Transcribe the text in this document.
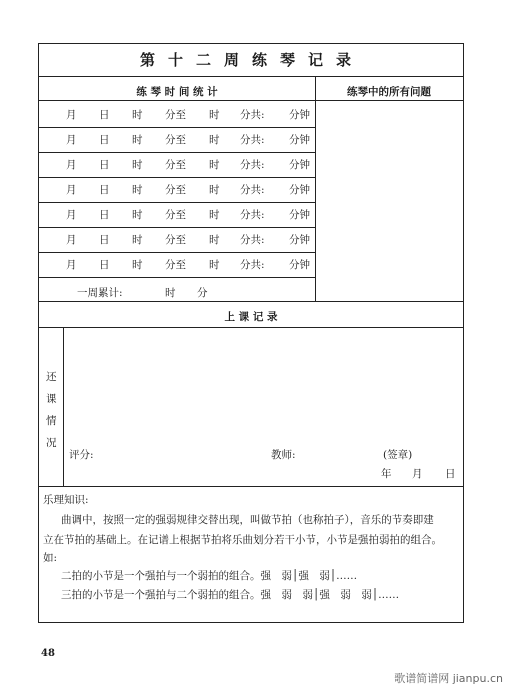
第十二周练琴记录
练 琴 时 间 统 计	练琴中的所有问题
月 日 时 分至 时 分共: 分钟
月 日 时 分至 时 分共: 分钟
月 日 时 分至 时 分共: 分钟
月 日 时 分至 时 分共: 分钟
月 日 时 分至 时 分共: 分钟
月 日 时 分至 时 分共: 分钟
月 日 时 分至 时 分共: 分钟
一周累计:	时 分
上 课 记 录
还
课
情
况
评分:	教师:	(签章)
年 月 日
乐理知识:
曲调中，按照一定的强弱规律交替出现，叫做节拍（也称拍子），音乐的节奏即建
立在节拍的基础上。在记谱上根据节拍将乐曲划分若干小节，小节是强拍弱拍的组合。
如:
二拍的小节是一个强拍与一个弱拍的组合。强　弱│强　弱│……
三拍的小节是一个强拍与二个弱拍的组合。强　弱　弱│强　弱　弱│……
48
歌谱简谱网 jianpu.cn
